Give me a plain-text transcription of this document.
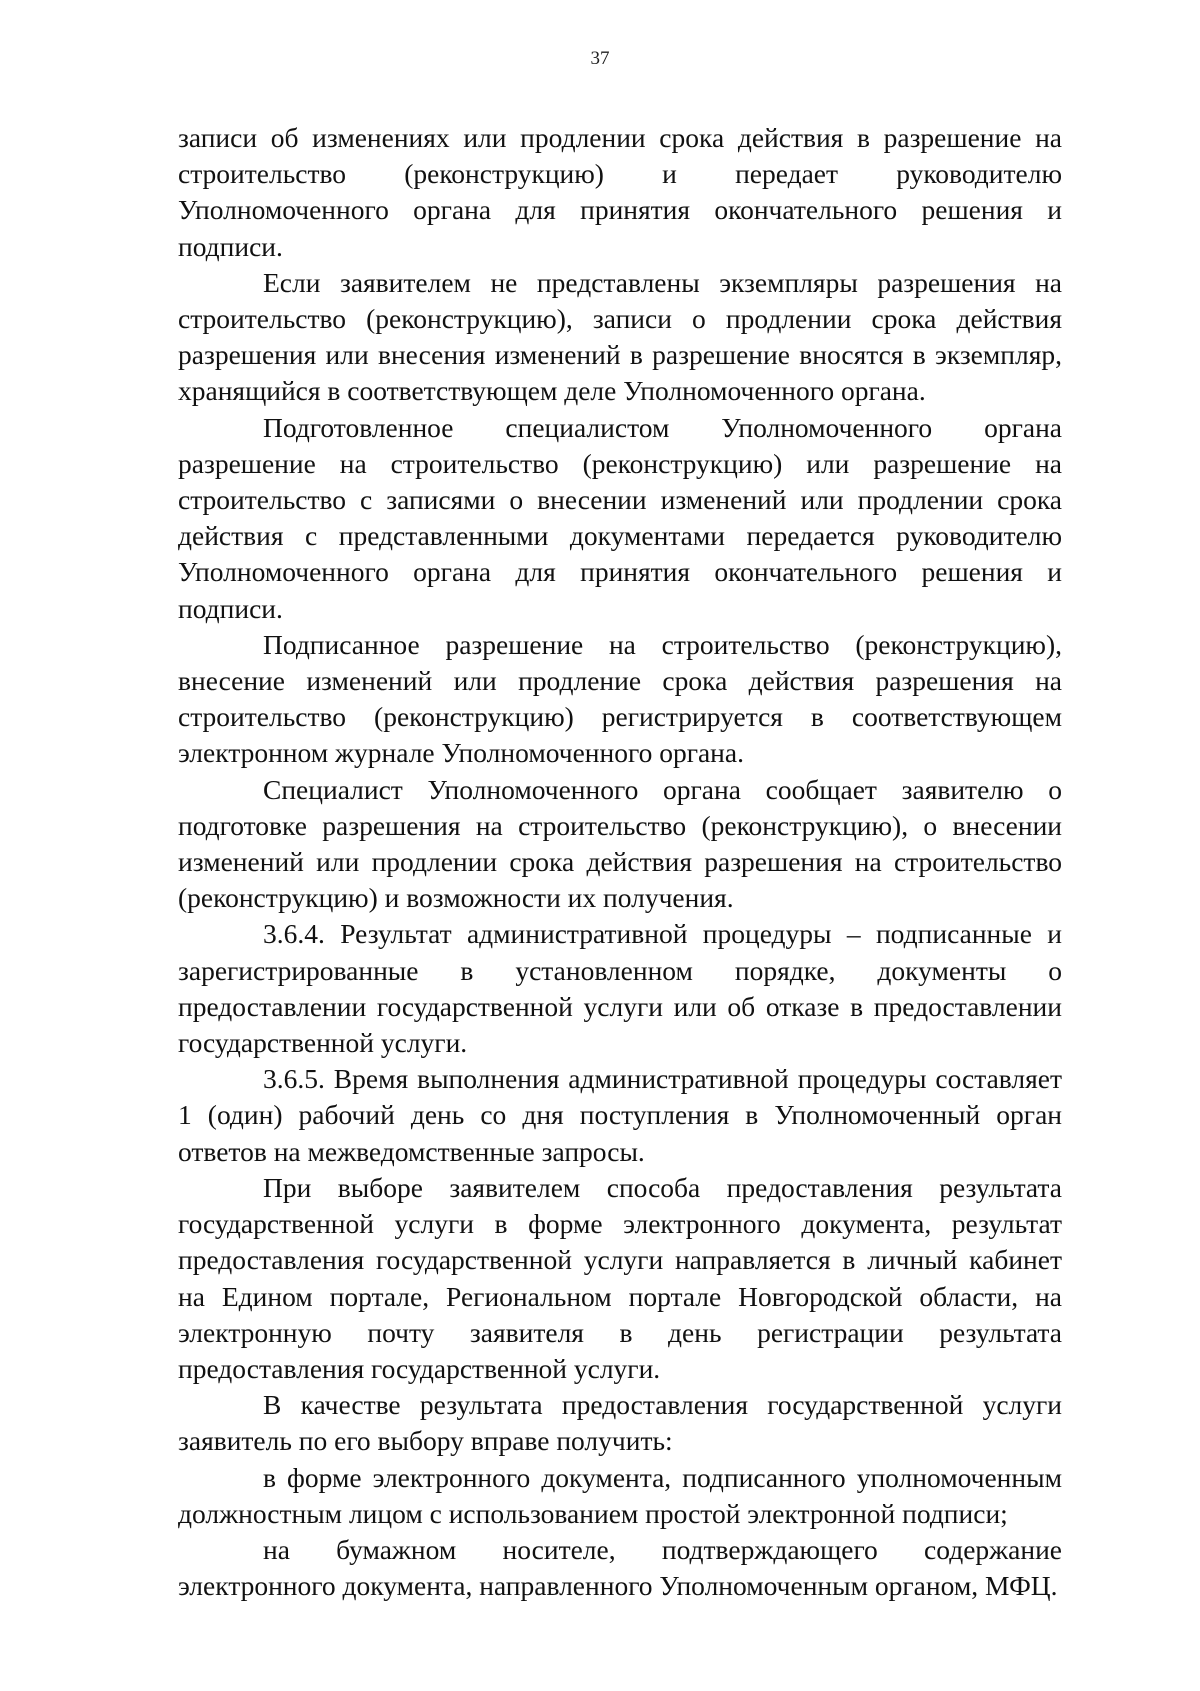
37

записи об изменениях или продлении срока действия в разрешение на строительство (реконструкцию) и передает руководителю Уполномоченного органа для принятия окончательного решения и подписи.

Если заявителем не представлены экземпляры разрешения на строительство (реконструкцию), записи о продлении срока действия разрешения или внесения изменений в разрешение вносятся в экземпляр, хранящийся в соответствующем деле Уполномоченного органа.

Подготовленное специалистом Уполномоченного органа разрешение на строительство (реконструкцию) или разрешение на строительство с записями о внесении изменений или продлении срока действия с представленными документами передается руководителю Уполномоченного органа для принятия окончательного решения и подписи.

Подписанное разрешение на строительство (реконструкцию), внесение изменений или продление срока действия разрешения на строительство (реконструкцию) регистрируется в соответствующем электронном журнале Уполномоченного органа.

Специалист Уполномоченного органа сообщает заявителю о подготовке разрешения на строительство (реконструкцию), о внесении изменений или продлении срока действия разрешения на строительство (реконструкцию) и возможности их получения.

3.6.4. Результат административной процедуры – подписанные и зарегистрированные в установленном порядке, документы о предоставлении государственной услуги или об отказе в предоставлении государственной услуги.

3.6.5. Время выполнения административной процедуры составляет 1 (один) рабочий день со дня поступления в Уполномоченный орган ответов на межведомственные запросы.

При выборе заявителем способа предоставления результата государственной услуги в форме электронного документа, результат предоставления государственной услуги направляется в личный кабинет на Едином портале, Региональном портале Новгородской области, на электронную почту заявителя в день регистрации результата предоставления государственной услуги.

В качестве результата предоставления государственной услуги заявитель по его выбору вправе получить:

в форме электронного документа, подписанного уполномоченным должностным лицом с использованием простой электронной подписи;

на бумажном носителе, подтверждающего содержание электронного документа, направленного Уполномоченным органом, МФЦ.
